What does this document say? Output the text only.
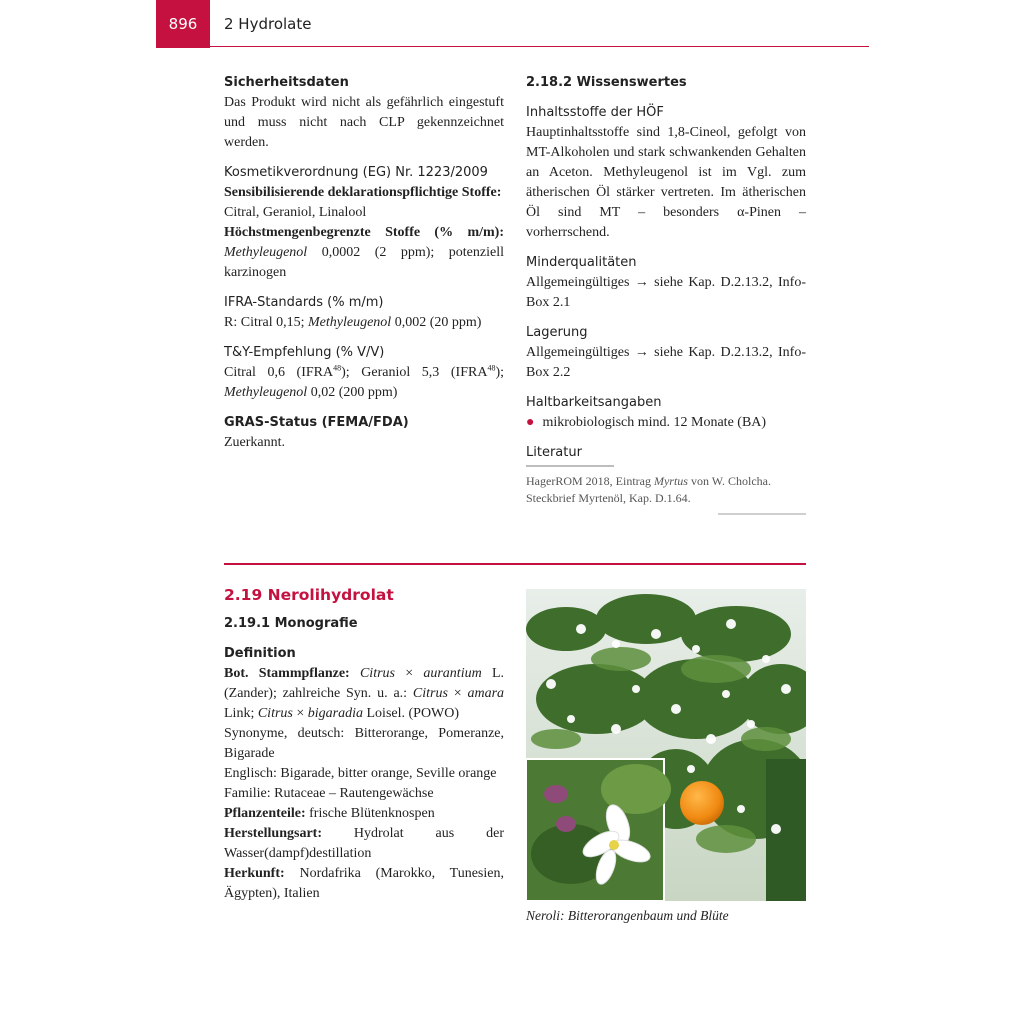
896	2 Hydrolate

Sicherheitsdaten

Das Produkt wird nicht als gefährlich eingestuft und muss nicht nach CLP gekennzeichnet werden.

Kosmetikverordnung (EG) Nr. 1223/2009

Sensibilisierende deklarationspflichtige Stoffe:
Citral, Geraniol, Linalool

Höchstmengenbegrenzte Stoffe (% m/m): Methyleugenol 0,0002 (2 ppm); potenziell karzinogen

IFRA-Standards (% m/m)

R: Citral 0,15; Methyleugenol 0,002 (20 ppm)

T&Y-Empfehlung (% V/V)

Citral 0,6 (IFRA$^{48}$); Geraniol 5,3 (IFRA$^{48}$); Methyleugenol 0,02 (200 ppm)

GRAS-Status (FEMA/FDA)

Zuerkannt.

2.18.2 Wissenswertes

Inhaltsstoffe der HÖF

Hauptinhaltsstoffe sind 1,8-Cineol, gefolgt von MT-Alkoholen und stark schwankenden Gehalten an Aceton. Methyleugenol ist im Vgl. zum ätherischen Öl stärker vertreten. Im ätherischen Öl sind MT – besonders α-Pinen – vorherrschend.

Minderqualitäten

Allgemeingültiges → siehe Kap. D.2.13.2, Info-Box 2.1

Lagerung

Allgemeingültiges → siehe Kap. D.2.13.2, Info-Box 2.2

Haltbarkeitsangaben

● mikrobiologisch mind. 12 Monate (BA)

Literatur

HagerROM 2018, Eintrag Myrtus von W. Cholcha.
Steckbrief Myrtenöl, Kap. D.1.64.

2.19 Nerolihydrolat

2.19.1 Monografie

Definition

Bot. Stammpflanze: Citrus × aurantium L. (Zander); zahlreiche Syn. u. a.: Citrus × amara Link; Citrus × bigaradia Loisel. (POWO)

Synonyme, deutsch: Bitterorange, Pomeranze, Bigarade

Englisch: Bigarade, bitter orange, Seville orange

Familie: Rutaceae – Rautengewächse

Pflanzenteile: frische Blütenknospen

Herstellungsart: Hydrolat aus der Wasser(dampf)destillation

Herkunft: Nordafrika (Marokko, Tunesien, Ägypten), Italien

Neroli: Bitterorangenbaum und Blüte
